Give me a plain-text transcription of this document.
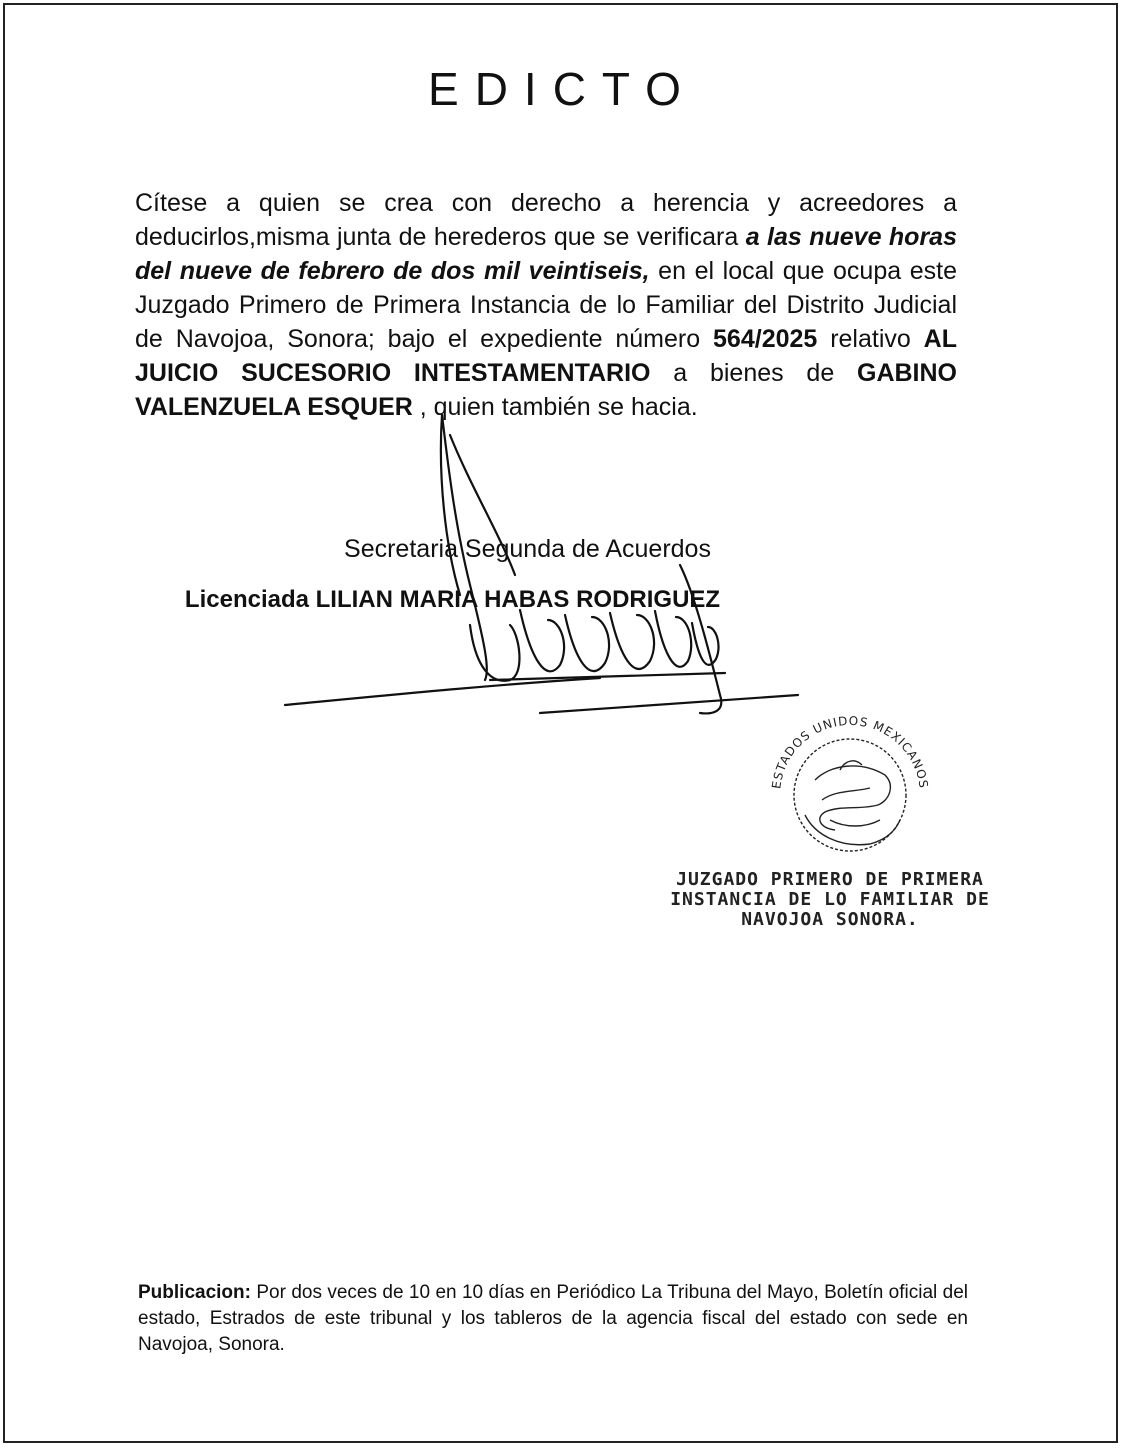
EDICTO
Cítese a quien se crea con derecho a herencia y acreedores a deducirlos,misma junta de herederos que se verificara a las nueve horas del nueve de febrero de dos mil veintiseis, en el local que ocupa este Juzgado Primero de Primera Instancia de lo Familiar del Distrito Judicial de Navojoa, Sonora; bajo el expediente número 564/2025 relativo AL JUICIO SUCESORIO INTESTAMENTARIO a bienes de GABINO VALENZUELA ESQUER , quien también se hacia.
Secretaria Segunda de Acuerdos
Licenciada LILIAN MARIA HABAS RODRIGUEZ
ESTADOS UNIDOS MEXICANOS
JUZGADO PRIMERO DE PRIMERA
INSTANCIA DE LO FAMILIAR DE
NAVOJOA SONORA.
Publicacion: Por dos veces de 10 en 10 días en Periódico La Tribuna del Mayo, Boletín oficial del estado, Estrados de este tribunal y los tableros de la agencia fiscal del estado con sede en Navojoa, Sonora.
